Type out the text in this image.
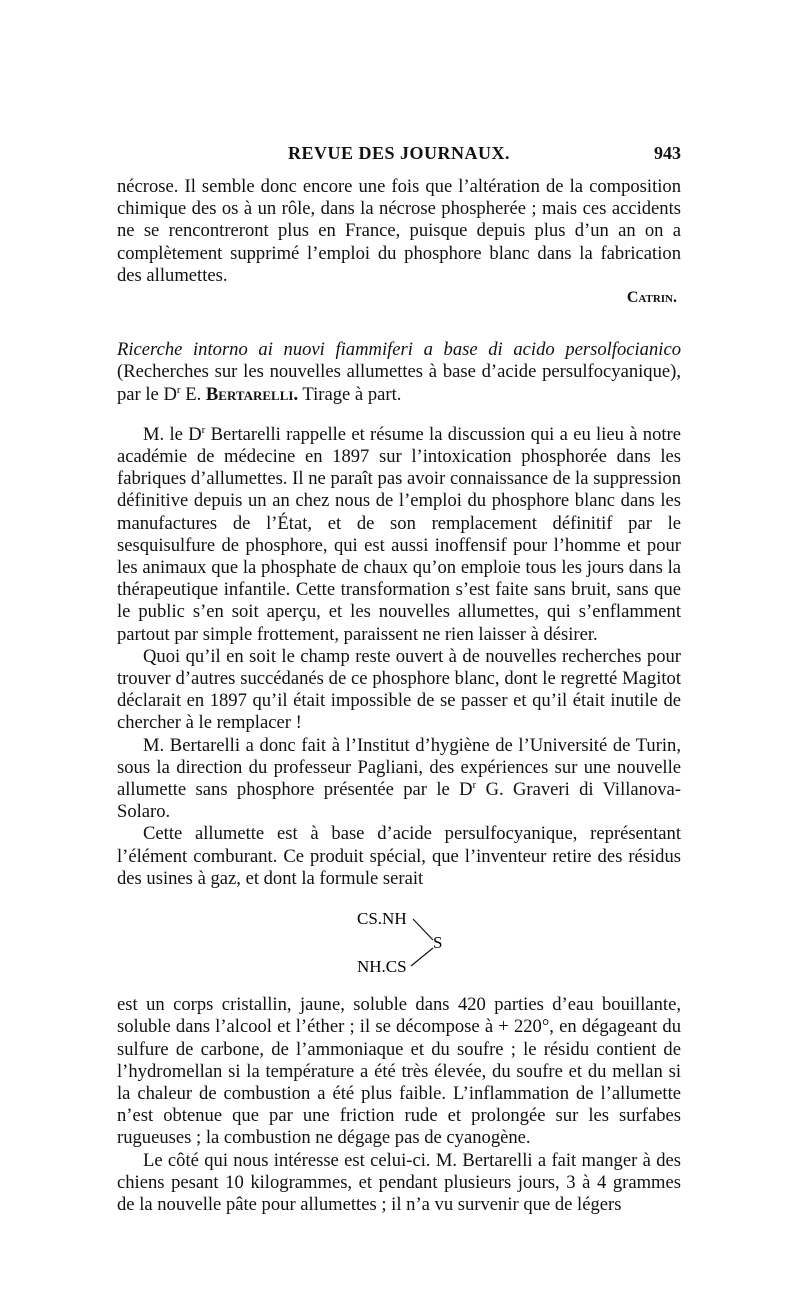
REVUE DES JOURNAUX.	943

nécrose. Il semble donc encore une fois que l’altération de la composition chimique des os à un rôle, dans la nécrose phospherée ; mais ces accidents ne se rencontreront plus en France, puisque depuis plus d’un an on a complètement supprimé l’emploi du phosphore blanc dans la fabrication des allumettes.

Catrin.

Ricerche intorno ai nuovi fiammiferi a base di acido persolfocianico (Recherches sur les nouvelles allumettes à base d’acide persulfocyanique), par le $D^r$ E. Bertarelli. Tirage à part.

M. le $D^r$ Bertarelli rappelle et résume la discussion qui a eu lieu à notre académie de médecine en 1897 sur l’intoxication phosphorée dans les fabriques d’allumettes. Il ne paraît pas avoir connaissance de la suppression définitive depuis un an chez nous de l’emploi du phosphore blanc dans les manufactures de l’État, et de son remplacement définitif par le sesquisulfure de phosphore, qui est aussi inoffensif pour l’homme et pour les animaux que la phosphate de chaux qu’on emploie tous les jours dans la thérapeutique infantile. Cette transformation s’est faite sans bruit, sans que le public s’en soit aperçu, et les nouvelles allumettes, qui s’enflamment partout par simple frottement, paraissent ne rien laisser à désirer.

Quoi qu’il en soit le champ reste ouvert à de nouvelles recherches pour trouver d’autres succédanés de ce phosphore blanc, dont le regretté Magitot déclarait en 1897 qu’il était impossible de se passer et qu’il était inutile de chercher à le remplacer !

M. Bertarelli a donc fait à l’Institut d’hygiène de l’Université de Turin, sous la direction du professeur Pagliani, des expériences sur une nouvelle allumette sans phosphore présentée par le $D^r$ G. Graveri di Villanova-Solaro.

Cette allumette est à base d’acide persulfocyanique, représentant l’élément comburant. Ce produit spécial, que l’inventeur retire des résidus des usines à gaz, et dont la formule serait

CS.NH
NH.CS
S

est un corps cristallin, jaune, soluble dans 420 parties d’eau bouillante, soluble dans l’alcool et l’éther ; il se décompose à + 220°, en dégageant du sulfure de carbone, de l’ammoniaque et du soufre ; le résidu contient de l’hydromellan si la température a été très élevée, du soufre et du mellan si la chaleur de combustion a été plus faible. L’inflammation de l’allumette n’est obtenue que par une friction rude et prolongée sur les surfabes rugueuses ; la combustion ne dégage pas de cyanogène.

Le côté qui nous intéresse est celui-ci. M. Bertarelli a fait manger à des chiens pesant 10 kilogrammes, et pendant plusieurs jours, 3 à 4 grammes de la nouvelle pâte pour allumettes ; il n’a vu survenir que de légers
